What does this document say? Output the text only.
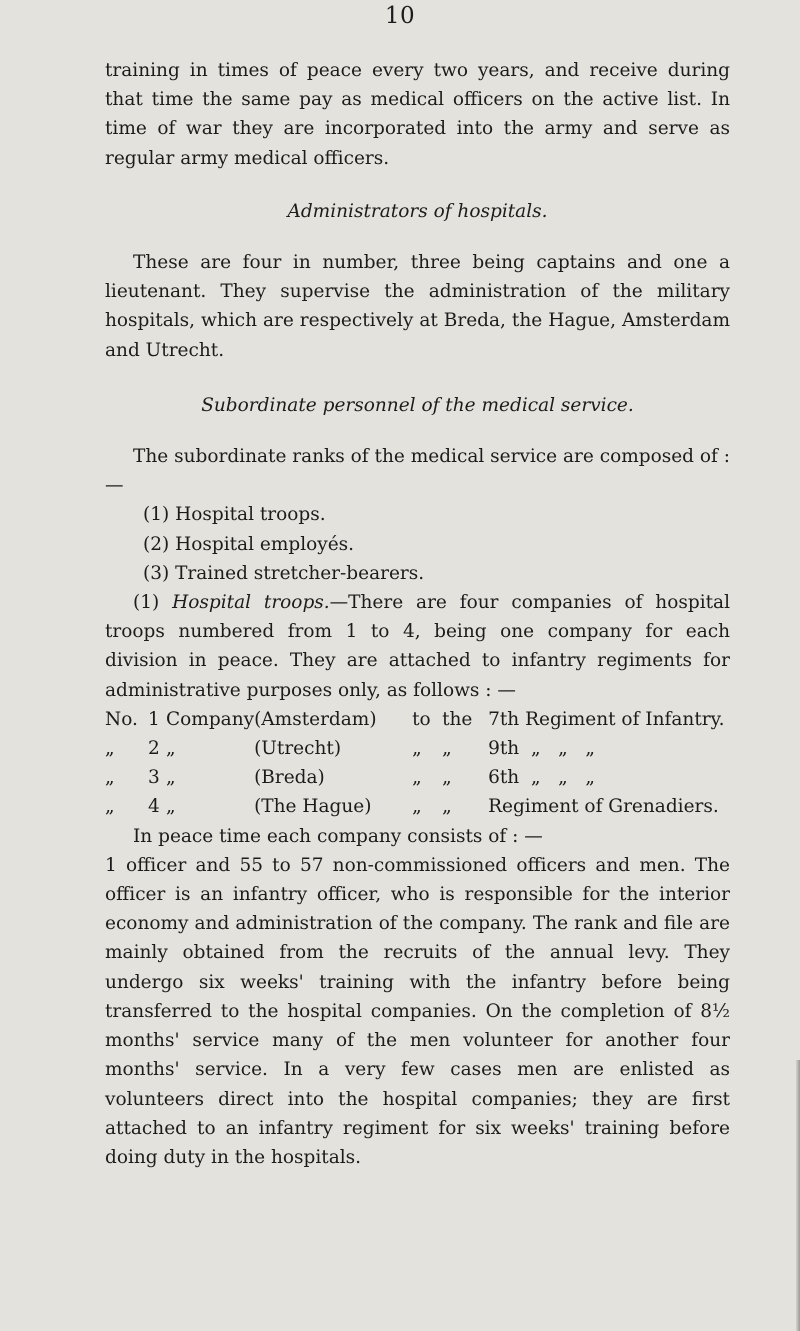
10

training in times of peace every two years, and receive during that time the same pay as medical officers on the active list. In time of war they are incorporated into the army and serve as regular army medical officers.

Administrators of hospitals.

These are four in number, three being captains and one a lieutenant. They supervise the administration of the military hospitals, which are respectively at Breda, the Hague, Amsterdam and Utrecht.

Subordinate personnel of the medical service.

The subordinate ranks of the medical service are composed of : —

(1) Hospital troops.
(2) Hospital employés.
(3) Trained stretcher-bearers.

(1) Hospital troops.—There are four companies of hospital troops numbered from 1 to 4, being one company for each division in peace. They are attached to infantry regiments for administrative purposes only, as follows : —

No.	1	Company	(Amsterdam)	to	the	7th Regiment of Infantry.
„	2	„	(Utrecht)	„	„	9th  „   „   „
„	3	„	(Breda)	„	„	6th  „   „   „
„	4	„	(The Hague)	„	„	Regiment of Grenadiers.

In peace time each company consists of : —

1 officer and 55 to 57 non-commissioned officers and men. The officer is an infantry officer, who is responsible for the interior economy and administration of the company. The rank and file are mainly obtained from the recruits of the annual levy. They undergo six weeks' training with the infantry before being transferred to the hospital companies. On the completion of 8½ months' service many of the men volunteer for another four months' service. In a very few cases men are enlisted as volunteers direct into the hospital companies; they are first attached to an infantry regiment for six weeks' training before doing duty in the hospitals.
